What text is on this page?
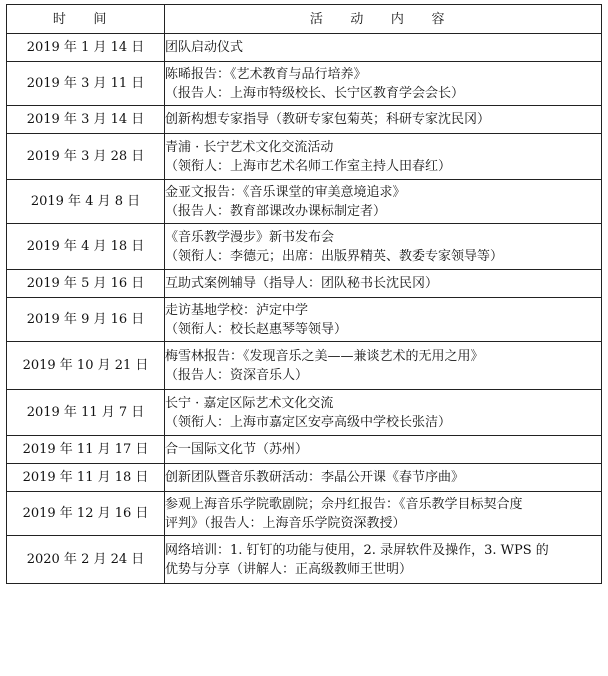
时 间	活 动 内 容
2019 年 1 月 14 日	团队启动仪式

2019 年 3 月 11 日	陈晞报告：《艺术教育与品行培养》
（报告人：上海市特级校长、长宁区教育学会会长）

2019 年 3 月 14 日	创新构想专家指导（教研专家包菊英；科研专家沈民冈）

2019 年 3 月 28 日	青浦 · 长宁艺术文化交流活动
（领衔人：上海市艺术名师工作室主持人田春红）

2019 年 4 月 8 日	金亚文报告：《音乐课堂的审美意境追求》
（报告人：教育部课改办课标制定者）

2019 年 4 月 18 日	《音乐教学漫步》新书发布会
（领衔人：李德元；出席：出版界精英、教委专家领导等）

2019 年 5 月 16 日	互助式案例辅导（指导人：团队秘书长沈民冈）

2019 年 9 月 16 日	走访基地学校：泸定中学
（领衔人：校长赵惠琴等领导）

2019 年 10 月 21 日	梅雪林报告：《发现音乐之美——兼谈艺术的无用之用》
（报告人：资深音乐人）

2019 年 11 月 7 日	长宁 · 嘉定区际艺术文化交流
（领衔人：上海市嘉定区安亭高级中学校长张洁）

2019 年 11 月 17 日	合一国际文化节（苏州）

2019 年 11 月 18 日	创新团队暨音乐教研活动：李晶公开课《春节序曲》

2019 年 12 月 16 日	参观上海音乐学院歌剧院；佘丹红报告：《音乐教学目标契合度
评判》（报告人：上海音乐学院资深教授）

2020 年 2 月 24 日	网络培训：1. 钉钉的功能与使用，2. 录屏软件及操作，3. WPS 的
优势与分享（讲解人：正高级教师王世明）
